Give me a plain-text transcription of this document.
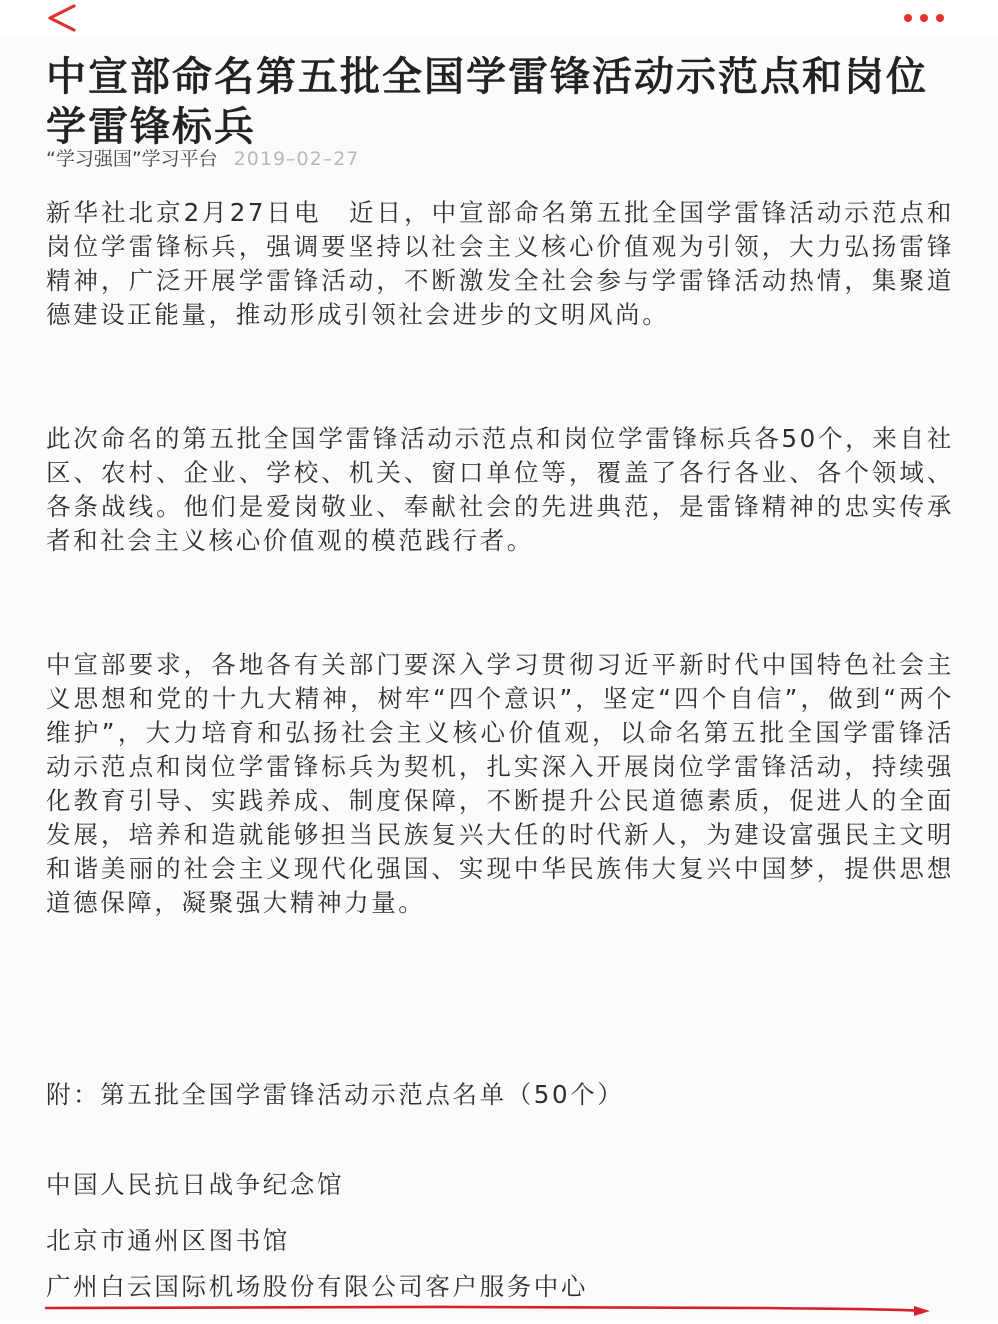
中宣部命名第五批全国学雷锋活动示范点和岗位学雷锋标兵
“学习强国”学习平台 2019–02–27

新华社北京2月27日电　近日，中宣部命名第五批全国学雷锋活动示范点和岗位学雷锋标兵，强调要坚持以社会主义核心价值观为引领，大力弘扬雷锋精神，广泛开展学雷锋活动，不断激发全社会参与学雷锋活动热情，集聚道德建设正能量，推动形成引领社会进步的文明风尚。

此次命名的第五批全国学雷锋活动示范点和岗位学雷锋标兵各50个，来自社区、农村、企业、学校、机关、窗口单位等，覆盖了各行各业、各个领域、各条战线。他们是爱岗敬业、奉献社会的先进典范，是雷锋精神的忠实传承者和社会主义核心价值观的模范践行者。

中宣部要求，各地各有关部门要深入学习贯彻习近平新时代中国特色社会主义思想和党的十九大精神，树牢“四个意识”，坚定“四个自信”，做到“两个维护”，大力培育和弘扬社会主义核心价值观，以命名第五批全国学雷锋活动示范点和岗位学雷锋标兵为契机，扎实深入开展岗位学雷锋活动，持续强化教育引导、实践养成、制度保障，不断提升公民道德素质，促进人的全面发展，培养和造就能够担当民族复兴大任的时代新人，为建设富强民主文明和谐美丽的社会主义现代化强国、实现中华民族伟大复兴中国梦，提供思想道德保障，凝聚强大精神力量。

附：第五批全国学雷锋活动示范点名单（50个）

中国人民抗日战争纪念馆

北京市通州区图书馆

广州白云国际机场股份有限公司客户服务中心
